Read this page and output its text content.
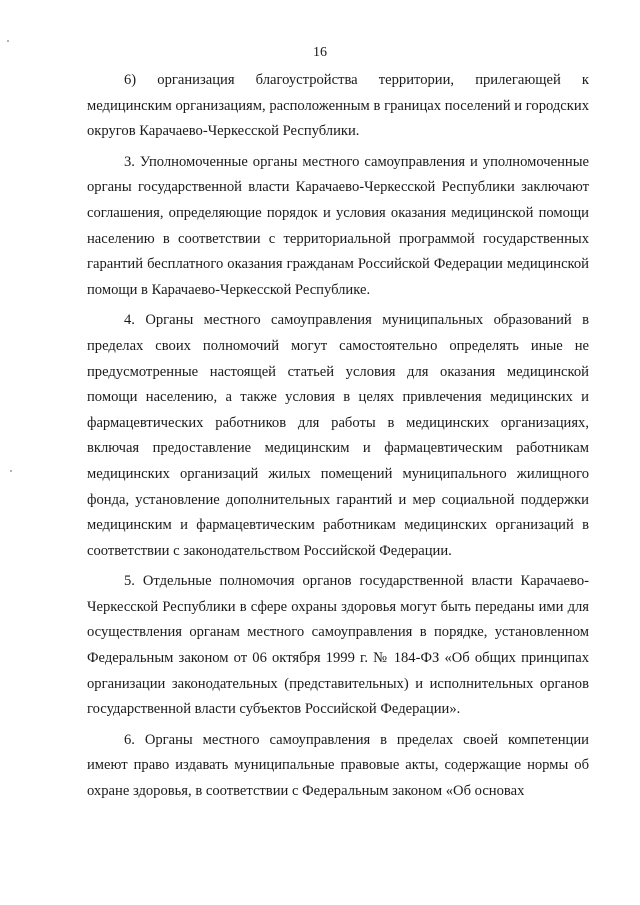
16

6) организация благоустройства территории, прилегающей к медицинским организациям, расположенным в границах поселений и городских округов Карачаево-Черкесской Республики.

3. Уполномоченные органы местного самоуправления и уполномоченные органы государственной власти Карачаево-Черкесской Республики заключают соглашения, определяющие порядок и условия оказания медицинской помощи населению в соответствии с территориальной программой государственных гарантий бесплатного оказания гражданам Российской Федерации медицинской помощи в Карачаево-Черкесской Республике.

4. Органы местного самоуправления муниципальных образований в пределах своих полномочий могут самостоятельно определять иные не предусмотренные настоящей статьей условия для оказания медицинской помощи населению, а также условия в целях привлечения медицинских и фармацевтических работников для работы в медицинских организациях, включая предоставление медицинским и фармацевтическим работникам медицинских организаций жилых помещений муниципального жилищного фонда, установление дополнительных гарантий и мер социальной поддержки медицинским и фармацевтическим работникам медицинских организаций в соответствии с законодательством Российской Федерации.

5. Отдельные полномочия органов государственной власти Карачаево-Черкесской Республики в сфере охраны здоровья могут быть переданы ими для осуществления органам местного самоуправления в порядке, установленном Федеральным законом от 06 октября 1999 г. № 184-ФЗ «Об общих принципах организации законодательных (представительных) и исполнительных органов государственной власти субъектов Российской Федерации».

6. Органы местного самоуправления в пределах своей компетенции имеют право издавать муниципальные правовые акты, содержащие нормы об охране здоровья, в соответствии с Федеральным законом «Об основах
